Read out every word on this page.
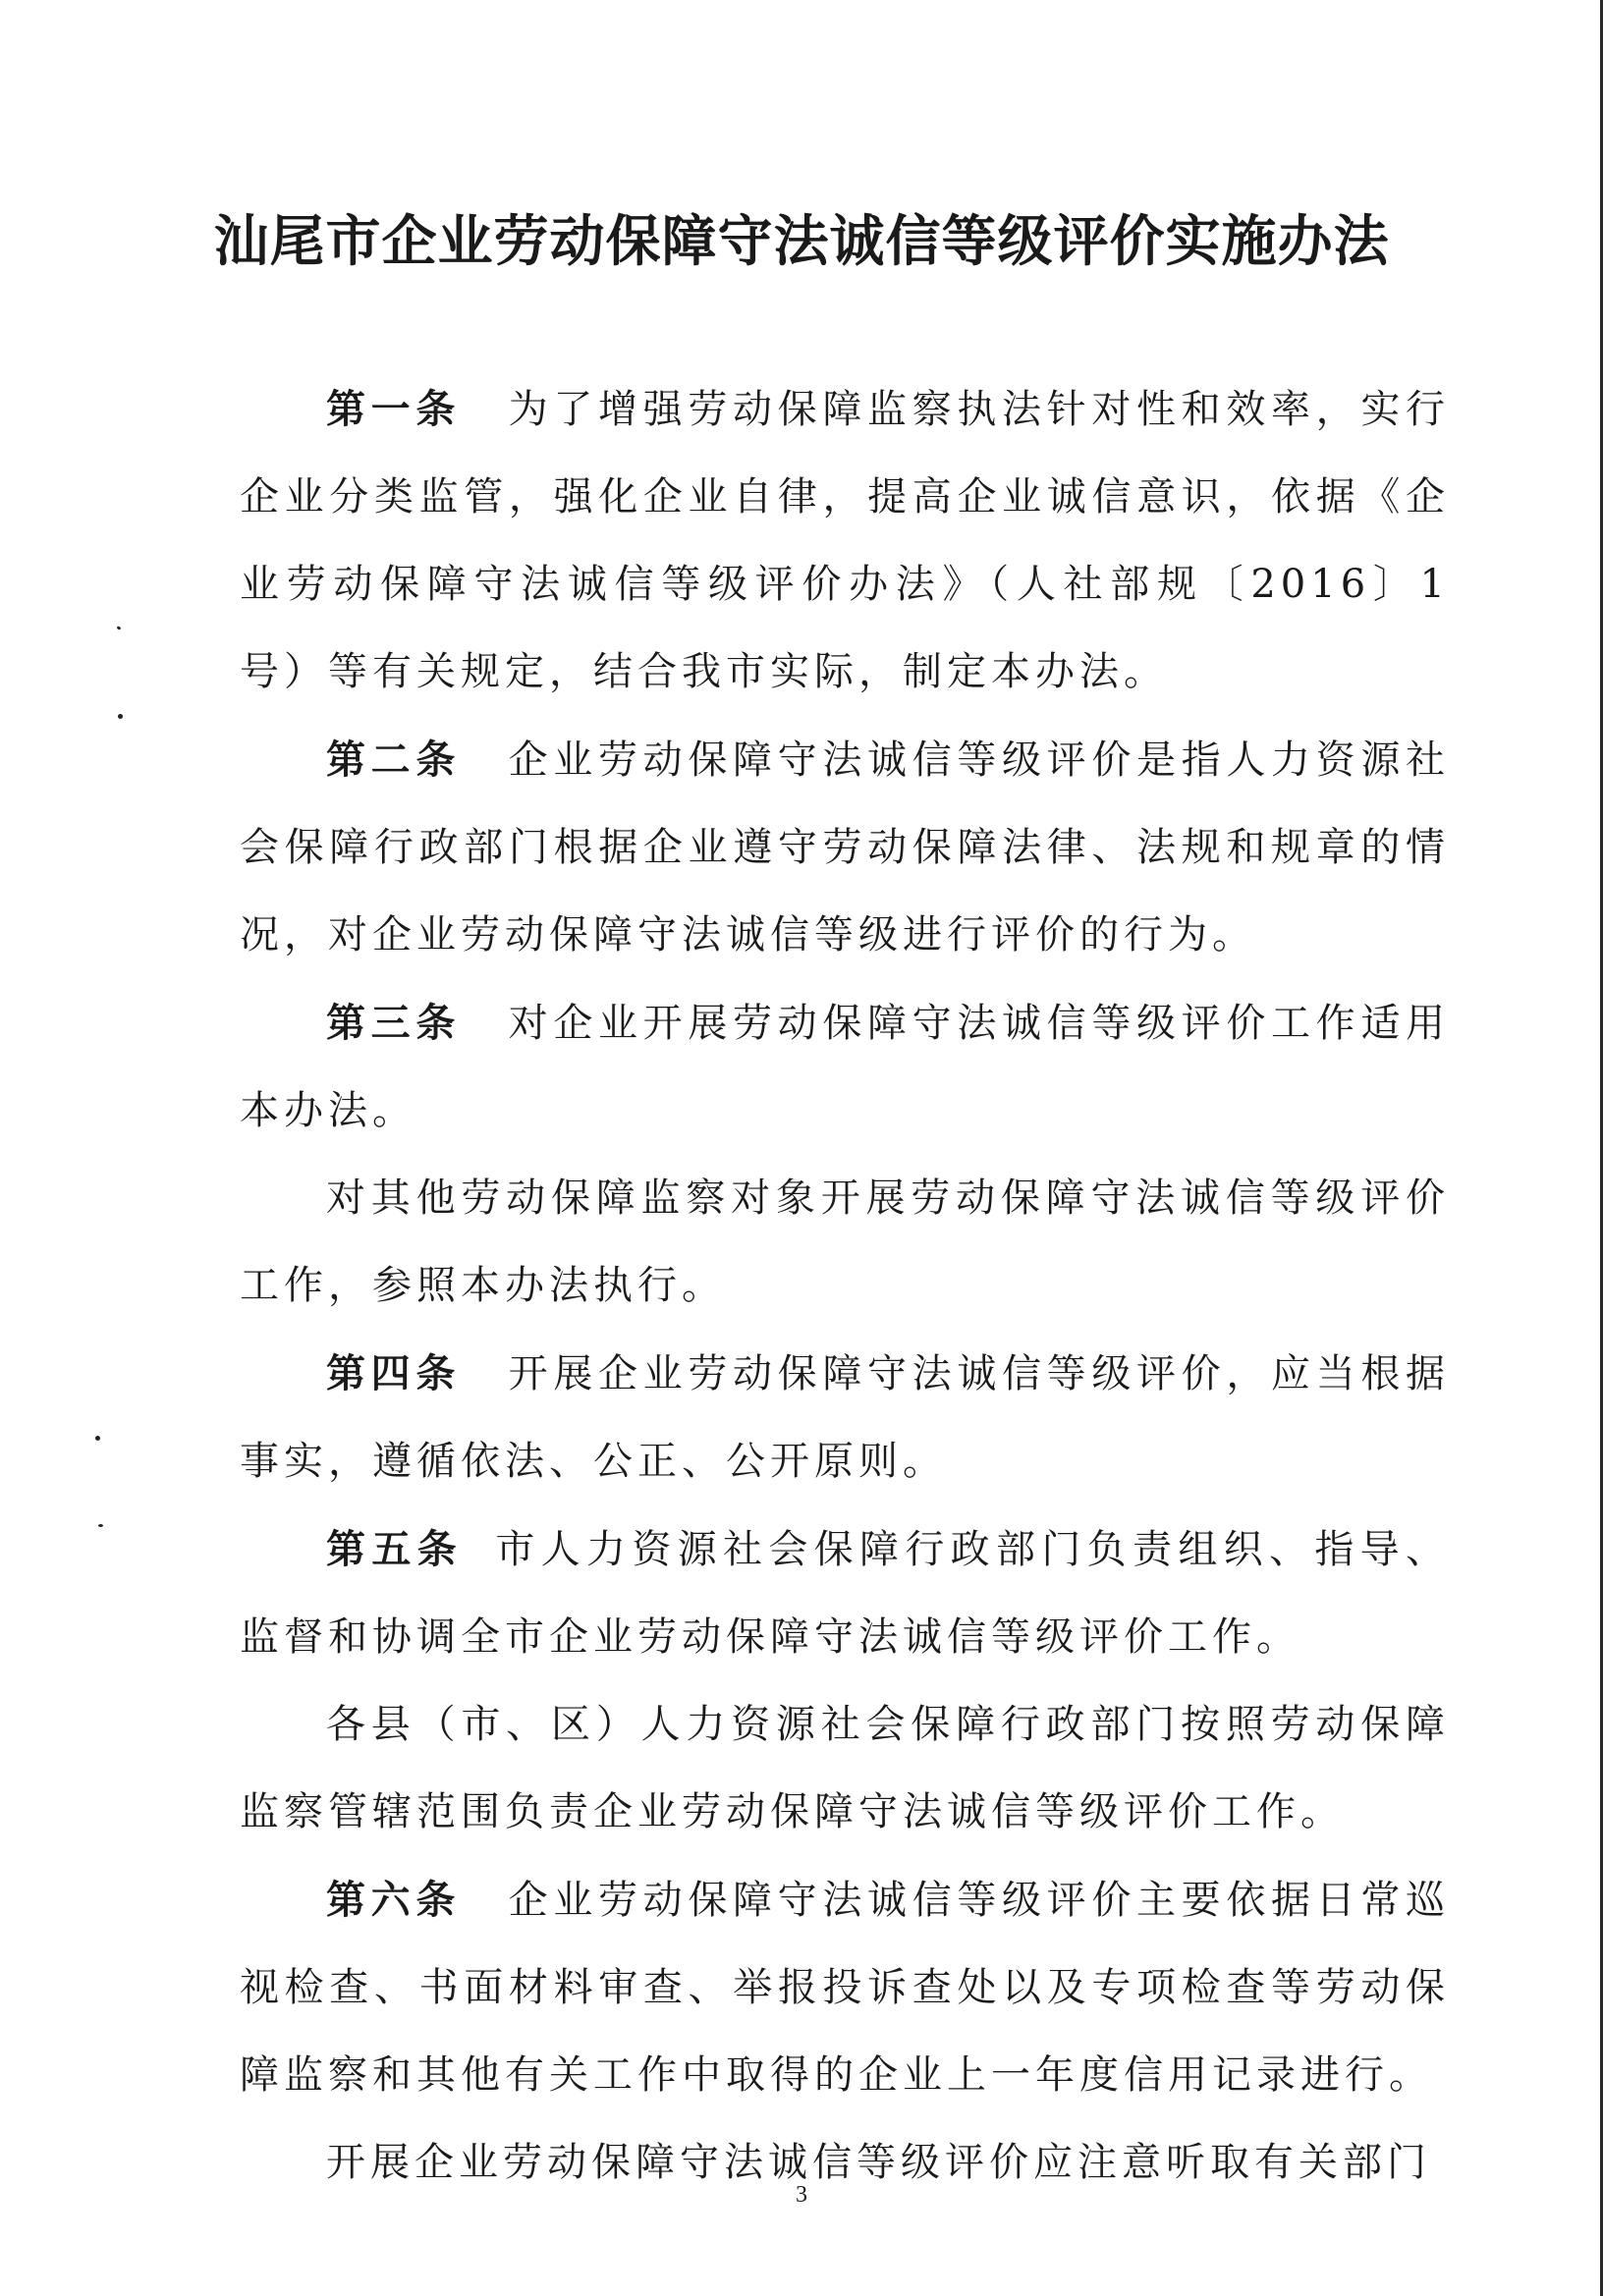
汕尾市企业劳动保障守法诚信等级评价实施办法

第一条 为了增强劳动保障监察执法针对性和效率，实行企业分类监管，强化企业自律，提高企业诚信意识，依据《企业劳动保障守法诚信等级评价办法》（人社部规〔2016〕1 号）等有关规定，结合我市实际，制定本办法。

第二条 企业劳动保障守法诚信等级评价是指人力资源社会保障行政部门根据企业遵守劳动保障法律、法规和规章的情况，对企业劳动保障守法诚信等级进行评价的行为。

第三条 对企业开展劳动保障守法诚信等级评价工作适用本办法。

对其他劳动保障监察对象开展劳动保障守法诚信等级评价工作，参照本办法执行。

第四条 开展企业劳动保障守法诚信等级评价，应当根据事实，遵循依法、公正、公开原则。

第五条 市人力资源社会保障行政部门负责组织、指导、监督和协调全市企业劳动保障守法诚信等级评价工作。

各县（市、区）人力资源社会保障行政部门按照劳动保障监察管辖范围负责企业劳动保障守法诚信等级评价工作。

第六条 企业劳动保障守法诚信等级评价主要依据日常巡视检查、书面材料审查、举报投诉查处以及专项检查等劳动保障监察和其他有关工作中取得的企业上一年度信用记录进行。

开展企业劳动保障守法诚信等级评价应注意听取有关部门

3
